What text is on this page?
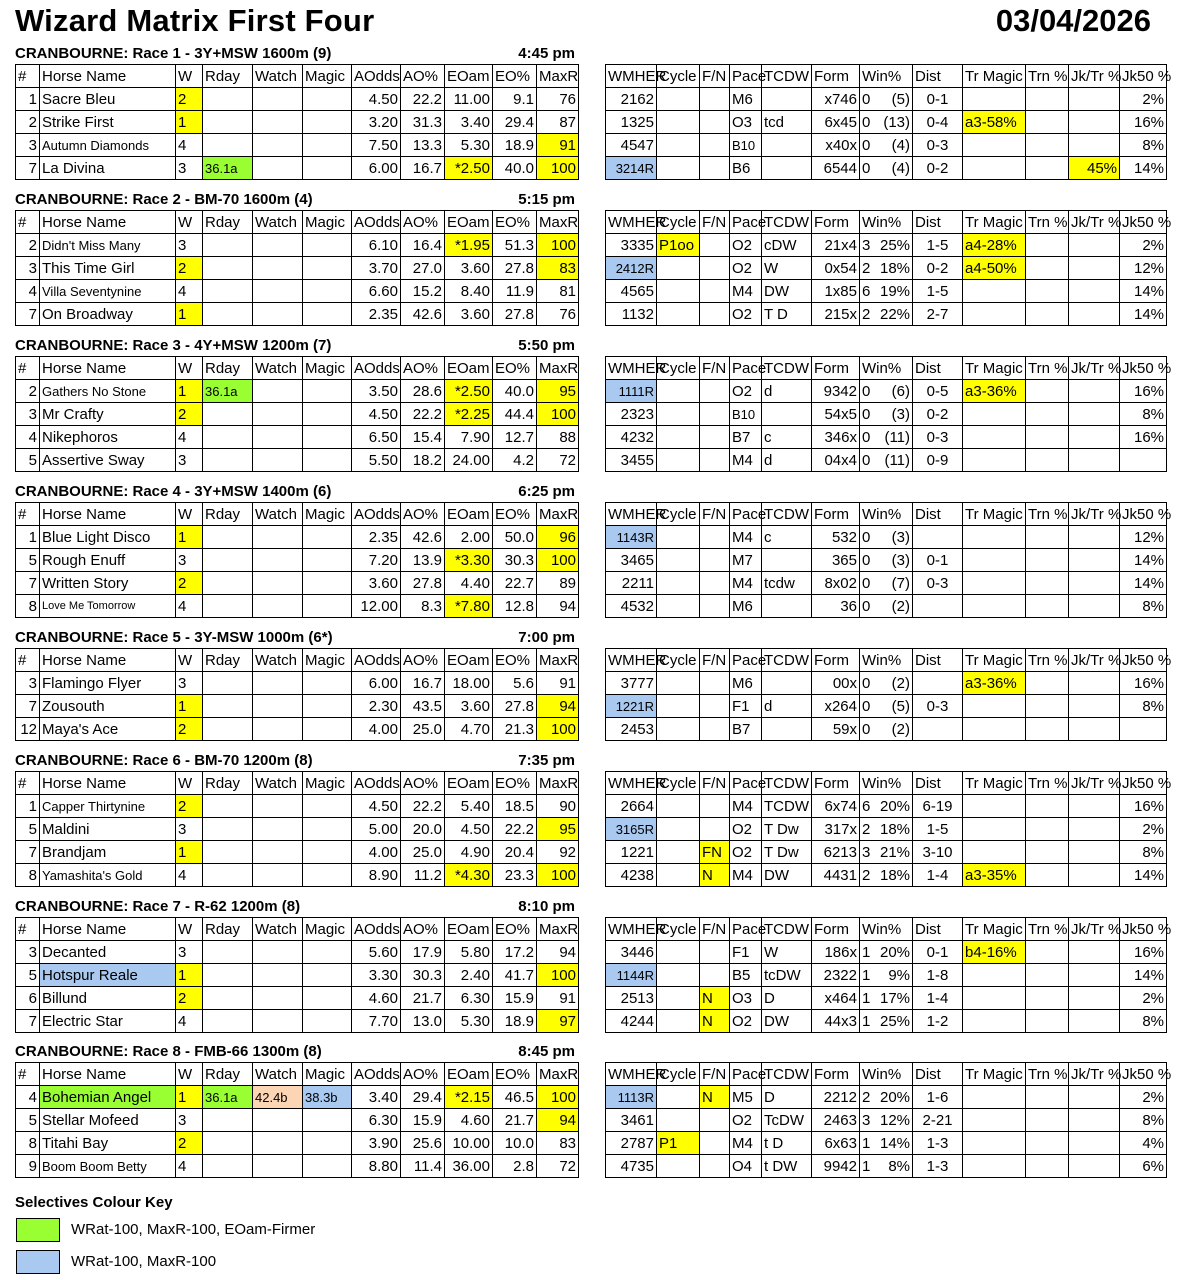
Wizard Matrix First Four	03/04/2026
CRANBOURNE: Race 1 - 3Y+MSW 1600m (9)	4:45 pm
#	Horse Name	W	Rday	Watch	Magic	AOdds	AO%	EOam	EO%	MaxR
1	Sacre Bleu	2				4.50	22.2	11.00	9.1	76
2	Strike First	1				3.20	31.3	3.40	29.4	87
3	Autumn Diamonds	4				7.50	13.3	5.30	18.9	91
7	La Divina	3	36.1a			6.00	16.7	*2.50	40.0	100
WMHER	Cycle	F/N	Pace	TCDW	Form	Win%		Dist	Tr Magic	Trn %	Jk/Tr %	Jk50 %
2162			M6		x746	0	(5)	0-1				2%
1325			O3	tcd	6x45	0	(13)	0-4	a3-58%			16%
4547			B10		x40x	0	(4)	0-3				8%
3214R			B6		6544	0	(4)	0-2			45%	14%
CRANBOURNE: Race 2 - BM-70 1600m (4)	5:15 pm
#	Horse Name	W	Rday	Watch	Magic	AOdds	AO%	EOam	EO%	MaxR
2	Didn't Miss Many	3				6.10	16.4	*1.95	51.3	100
3	This Time Girl	2				3.70	27.0	3.60	27.8	83
4	Villa Seventynine	4				6.60	15.2	8.40	11.9	81
7	On Broadway	1				2.35	42.6	3.60	27.8	76
WMHER	Cycle	F/N	Pace	TCDW	Form	Win%		Dist	Tr Magic	Trn %	Jk/Tr %	Jk50 %
3335	P1oo		O2	cDW	21x4	3	25%	1-5	a4-28%			2%
2412R			O2	W	0x54	2	18%	0-2	a4-50%			12%
4565			M4	DW	1x85	6	19%	1-5				14%
1132			O2	T D	215x	2	22%	2-7				14%
CRANBOURNE: Race 3 - 4Y+MSW 1200m (7)	5:50 pm
#	Horse Name	W	Rday	Watch	Magic	AOdds	AO%	EOam	EO%	MaxR
2	Gathers No Stone	1	36.1a			3.50	28.6	*2.50	40.0	95
3	Mr Crafty	2				4.50	22.2	*2.25	44.4	100
4	Nikephoros	4				6.50	15.4	7.90	12.7	88
5	Assertive Sway	3				5.50	18.2	24.00	4.2	72
WMHER	Cycle	F/N	Pace	TCDW	Form	Win%		Dist	Tr Magic	Trn %	Jk/Tr %	Jk50 %
1111R			O2	d	9342	0	(6)	0-5	a3-36%			16%
2323			B10		54x5	0	(3)	0-2				8%
4232			B7	c	346x	0	(11)	0-3				16%
3455			M4	d	04x4	0	(11)	0-9				
CRANBOURNE: Race 4 - 3Y+MSW 1400m (6)	6:25 pm
#	Horse Name	W	Rday	Watch	Magic	AOdds	AO%	EOam	EO%	MaxR
1	Blue Light Disco	1				2.35	42.6	2.00	50.0	96
5	Rough Enuff	3				7.20	13.9	*3.30	30.3	100
7	Written Story	2				3.60	27.8	4.40	22.7	89
8	Love Me Tomorrow	4				12.00	8.3	*7.80	12.8	94
WMHER	Cycle	F/N	Pace	TCDW	Form	Win%		Dist	Tr Magic	Trn %	Jk/Tr %	Jk50 %
1143R			M4	c	532	0	(3)					12%
3465			M7		365	0	(3)	0-1				14%
2211			M4	tcdw	8x02	0	(7)	0-3				14%
4532			M6		36	0	(2)					8%
CRANBOURNE: Race 5 - 3Y-MSW 1000m (6*)	7:00 pm
#	Horse Name	W	Rday	Watch	Magic	AOdds	AO%	EOam	EO%	MaxR
3	Flamingo Flyer	3				6.00	16.7	18.00	5.6	91
7	Zousouth	1				2.30	43.5	3.60	27.8	94
12	Maya's Ace	2				4.00	25.0	4.70	21.3	100
WMHER	Cycle	F/N	Pace	TCDW	Form	Win%		Dist	Tr Magic	Trn %	Jk/Tr %	Jk50 %
3777			M6		00x	0	(2)		a3-36%			16%
1221R			F1	d	x264	0	(5)	0-3				8%
2453			B7		59x	0	(2)					
CRANBOURNE: Race 6 - BM-70 1200m (8)	7:35 pm
#	Horse Name	W	Rday	Watch	Magic	AOdds	AO%	EOam	EO%	MaxR
1	Capper Thirtynine	2				4.50	22.2	5.40	18.5	90
5	Maldini	3				5.00	20.0	4.50	22.2	95
7	Brandjam	1				4.00	25.0	4.90	20.4	92
8	Yamashita's Gold	4				8.90	11.2	*4.30	23.3	100
WMHER	Cycle	F/N	Pace	TCDW	Form	Win%		Dist	Tr Magic	Trn %	Jk/Tr %	Jk50 %
2664			M4	TCDW	6x74	6	20%	6-19				16%
3165R			O2	T Dw	317x	2	18%	1-5				2%
1221		FN	O2	T Dw	6213	3	21%	3-10				8%
4238		N	M4	DW	4431	2	18%	1-4	a3-35%			14%
CRANBOURNE: Race 7 - R-62 1200m (8)	8:10 pm
#	Horse Name	W	Rday	Watch	Magic	AOdds	AO%	EOam	EO%	MaxR
3	Decanted	3				5.60	17.9	5.80	17.2	94
5	Hotspur Reale	1				3.30	30.3	2.40	41.7	100
6	Billund	2				4.60	21.7	6.30	15.9	91
7	Electric Star	4				7.70	13.0	5.30	18.9	97
WMHER	Cycle	F/N	Pace	TCDW	Form	Win%		Dist	Tr Magic	Trn %	Jk/Tr %	Jk50 %
3446			F1	W	186x	1	20%	0-1	b4-16%			16%
1144R			B5	tcDW	2322	1	9%	1-8				14%
2513		N	O3	D	x464	1	17%	1-4				2%
4244		N	O2	DW	44x3	1	25%	1-2				8%
CRANBOURNE: Race 8 - FMB-66 1300m (8)	8:45 pm
#	Horse Name	W	Rday	Watch	Magic	AOdds	AO%	EOam	EO%	MaxR
4	Bohemian Angel	1	36.1a	42.4b	38.3b	3.40	29.4	*2.15	46.5	100
5	Stellar Mofeed	3				6.30	15.9	4.60	21.7	94
8	Titahi Bay	2				3.90	25.6	10.00	10.0	83
9	Boom Boom Betty	4				8.80	11.4	36.00	2.8	72
WMHER	Cycle	F/N	Pace	TCDW	Form	Win%		Dist	Tr Magic	Trn %	Jk/Tr %	Jk50 %
1113R		N	M5	D	2212	2	20%	1-6				2%
3461			O2	TcDW	2463	3	12%	2-21				8%
2787	P1		M4	t D	6x63	1	14%	1-3				4%
4735			O4	t DW	9942	1	8%	1-3				6%
Selectives Colour Key
WRat-100, MaxR-100, EOam-Firmer
WRat-100, MaxR-100
